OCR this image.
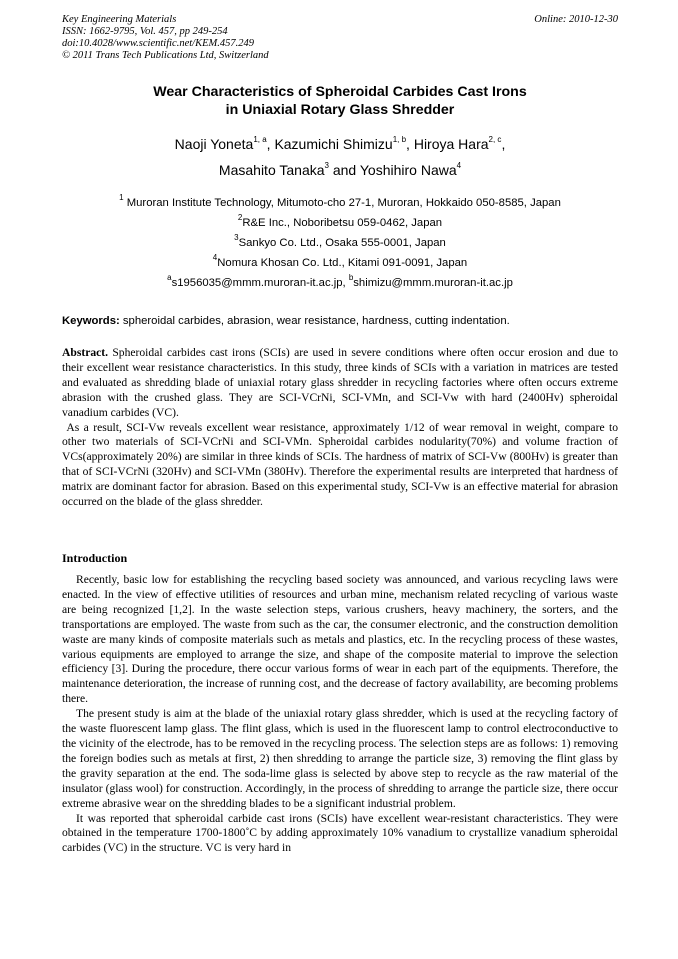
Key Engineering Materials
ISSN: 1662-9795, Vol. 457, pp 249-254
doi:10.4028/www.scientific.net/KEM.457.249
© 2011 Trans Tech Publications Ltd, Switzerland
Online: 2010-12-30
Wear Characteristics of Spheroidal Carbides Cast Irons
in Uniaxial Rotary Glass Shredder
Naoji Yoneta$^{1, a}$, Kazumichi Shimizu$^{1, b}$, Hiroya Hara$^{2, c}$,
Masahito Tanaka$^3$ and Yoshihiro Nawa$^4$
$^1$ Muroran Institute Technology, Mitumoto-cho 27-1, Muroran, Hokkaido 050-8585, Japan
$^2$R&E Inc., Noboribetsu 059-0462, Japan
$^3$Sankyo Co. Ltd., Osaka 555-0001, Japan
$^4$Nomura Khosan Co. Ltd., Kitami 091-0091, Japan
$^a$s1956035@mmm.muroran-it.ac.jp, $^b$shimizu@mmm.muroran-it.ac.jp
Keywords: spheroidal carbides, abrasion, wear resistance, hardness, cutting indentation.

Abstract. Spheroidal carbides cast irons (SCIs) are used in severe conditions where often occur erosion and due to their excellent wear resistance characteristics. In this study, three kinds of SCIs with a variation in matrices are tested and evaluated as shredding blade of uniaxial rotary glass shredder in recycling factories where often occurs extreme abrasion with the crushed glass. They are SCI-VCrNi, SCI-VMn, and SCI-Vw with hard (2400Hv) spheroidal vanadium carbides (VC).

As a result, SCI-Vw reveals excellent wear resistance, approximately 1/12 of wear removal in weight, compare to other two materials of SCI-VCrNi and SCI-VMn. Spheroidal carbides nodularity(70%) and volume fraction of VCs(approximately 20%) are similar in three kinds of SCIs. The hardness of matrix of SCI-Vw (800Hv) is greater than that of SCI-VCrNi (320Hv) and SCI-VMn (380Hv). Therefore the experimental results are interpreted that hardness of matrix are dominant factor for abrasion. Based on this experimental study, SCI-Vw is an effective material for abrasion occurred on the blade of the glass shredder.

Introduction

Recently, basic low for establishing the recycling based society was announced, and various recycling laws were enacted. In the view of effective utilities of resources and urban mine, mechanism related recycling of various waste are being recognized [1,2]. In the waste selection steps, various crushers, heavy machinery, the sorters, and the transportations are employed. The waste from such as the car, the consumer electronic, and the construction demolition waste are many kinds of composite materials such as metals and plastics, etc. In the recycling process of these wastes, various equipments are employed to arrange the size, and shape of the composite material to improve the selection efficiency [3]. During the procedure, there occur various forms of wear in each part of the equipments. Therefore, the maintenance deterioration, the increase of running cost, and the decrease of factory availability, are becoming problems there.

The present study is aim at the blade of the uniaxial rotary glass shredder, which is used at the recycling factory of the waste fluorescent lamp glass. The flint glass, which is used in the fluorescent lamp to control electroconductive to the vicinity of the electrode, has to be removed in the recycling process. The selection steps are as follows: 1) removing the foreign bodies such as metals at first, 2) then shredding to arrange the particle size, 3) removing the flint glass by the gravity separation at the end. The soda-lime glass is selected by above step to recycle as the raw material of the insulator (glass wool) for construction. Accordingly, in the process of shredding to arrange the particle size, there occur extreme abrasive wear on the shredding blades to be a significant industrial problem.

It was reported that spheroidal carbide cast irons (SCIs) have excellent wear-resistant characteristics. They were obtained in the temperature 1700-1800˚C by adding approximately 10% vanadium to crystallize vanadium spheroidal carbides (VC) in the structure. VC is very hard in
